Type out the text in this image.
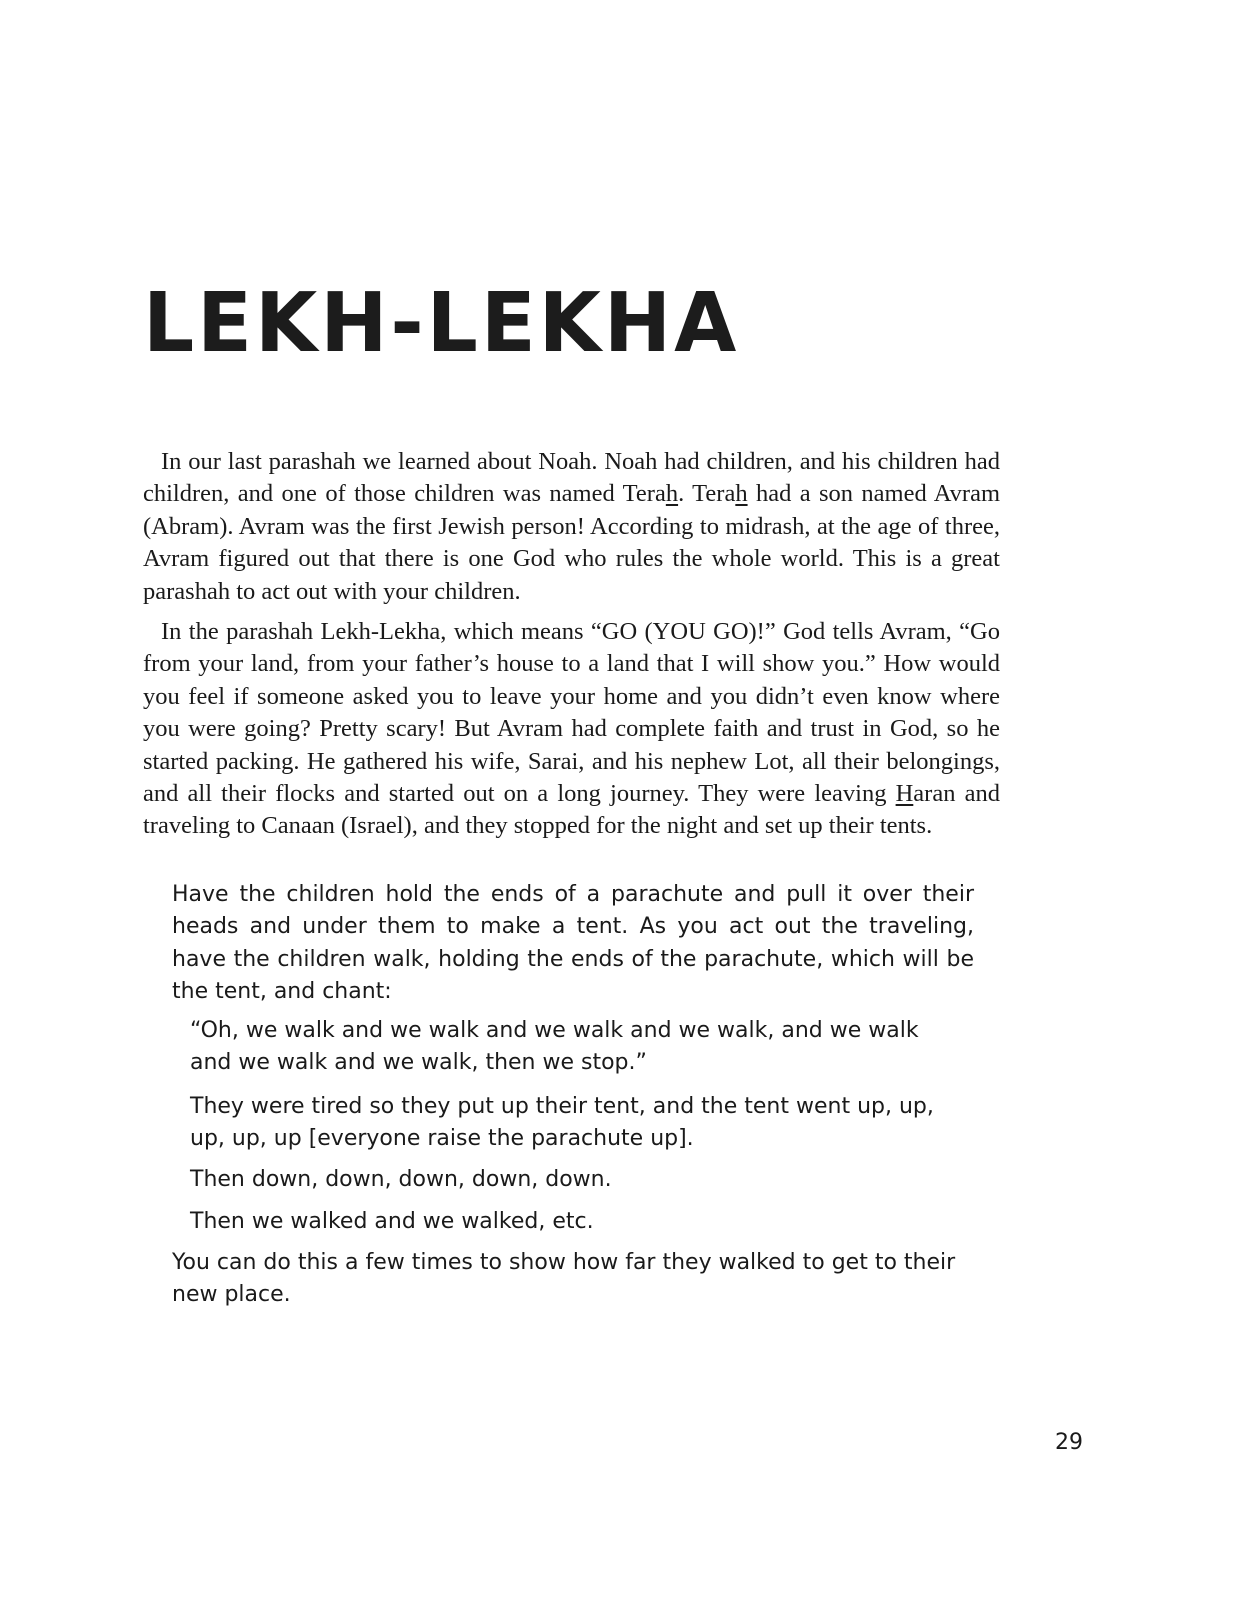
LEKH-LEKHA

In our last parashah we learned about Noah. Noah had children, and his children had children, and one of those children was named Terah. Terah had a son named Avram (Abram). Avram was the first Jewish person! According to midrash, at the age of three, Avram figured out that there is one God who rules the whole world. This is a great parashah to act out with your children.

In the parashah Lekh-Lekha, which means “GO (YOU GO)!” God tells Avram, “Go from your land, from your father’s house to a land that I will show you.” How would you feel if someone asked you to leave your home and you didn’t even know where you were going? Pretty scary! But Avram had complete faith and trust in God, so he started packing. He gathered his wife, Sarai, and his nephew Lot, all their belongings, and all their flocks and started out on a long journey. They were leaving Haran and traveling to Canaan (Israel), and they stopped for the night and set up their tents.

Have the children hold the ends of a parachute and pull it over their heads and under them to make a tent. As you act out the traveling, have the children walk, holding the ends of the parachute, which will be the tent, and chant:

“Oh, we walk and we walk and we walk and we walk, and we walk and we walk and we walk, then we stop.”

They were tired so they put up their tent, and the tent went up, up, up, up, up [everyone raise the parachute up].

Then down, down, down, down, down.

Then we walked and we walked, etc.

You can do this a few times to show how far they walked to get to their new place.

29
